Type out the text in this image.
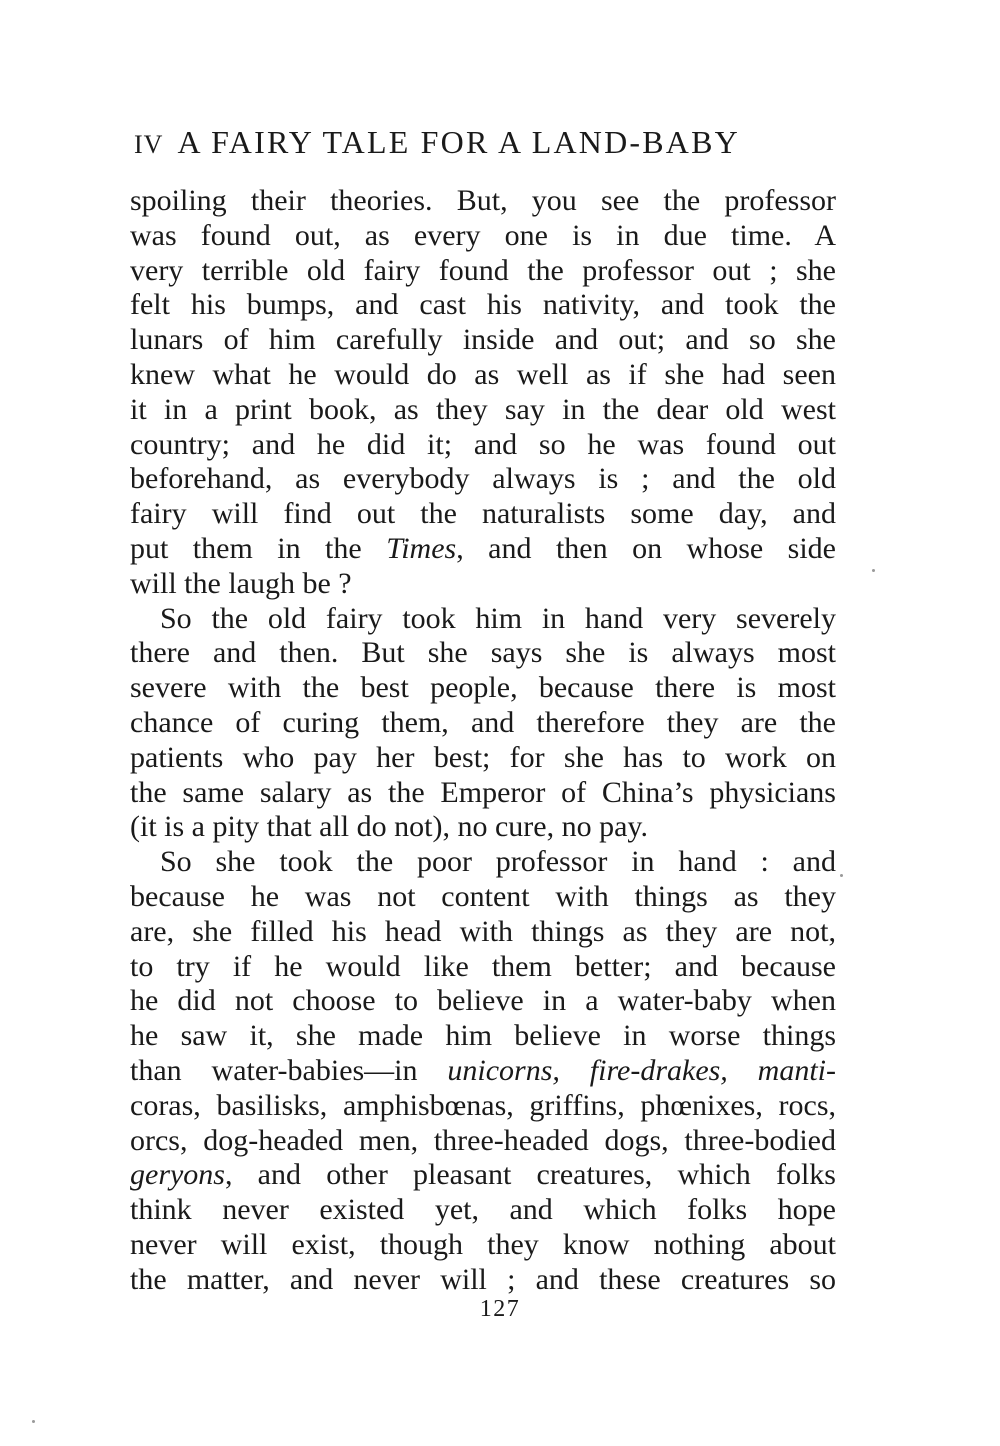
IV A FAIRY TALE FOR A LAND-BABY
spoiling their theories. But, you see the professor
was found out, as every one is in due time. A
very terrible old fairy found the professor out ; she
felt his bumps, and cast his nativity, and took the
lunars of him carefully inside and out; and so she
knew what he would do as well as if she had seen
it in a print book, as they say in the dear old west
country; and he did it; and so he was found out
beforehand, as everybody always is ; and the old
fairy will find out the naturalists some day, and
put them in the Times, and then on whose side
will the laugh be ?
So the old fairy took him in hand very severely
there and then. But she says she is always most
severe with the best people, because there is most
chance of curing them, and therefore they are the
patients who pay her best; for she has to work on
the same salary as the Emperor of China’s physicians
(it is a pity that all do not), no cure, no pay.
So she took the poor professor in hand : and
because he was not content with things as they
are, she filled his head with things as they are not,
to try if he would like them better; and because
he did not choose to believe in a water-baby when
he saw it, she made him believe in worse things
than water-babies—in unicorns, fire-drakes, manti-
coras, basilisks, amphisbœnas, griffins, phœnixes, rocs,
orcs, dog-headed men, three-headed dogs, three-bodied
geryons, and other pleasant creatures, which folks
think never existed yet, and which folks hope
never will exist, though they know nothing about
the matter, and never will ; and these creatures so
127
